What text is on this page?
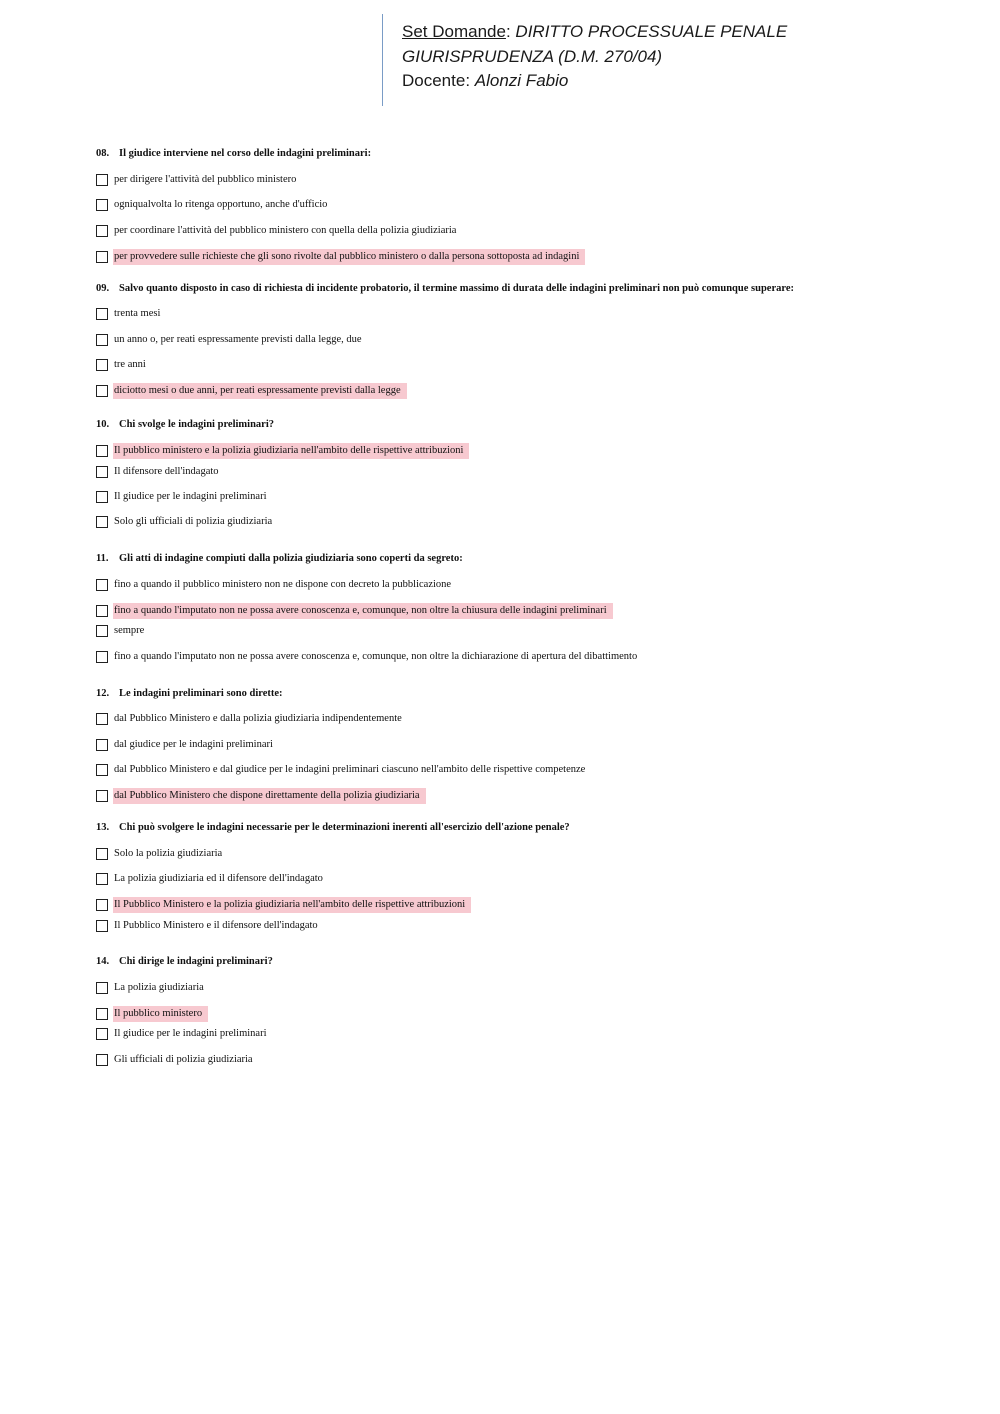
Set Domande: DIRITTO PROCESSUALE PENALE
GIURISPRUDENZA (D.M. 270/04)
Docente: Alonzi Fabio
08. Il giudice interviene nel corso delle indagini preliminari:
per dirigere l'attività del pubblico ministero
ogniqualvolta lo ritenga opportuno, anche d'ufficio
per coordinare l'attività del pubblico ministero con quella della polizia giudiziaria
per provvedere sulle richieste che gli sono rivolte dal pubblico ministero o dalla persona sottoposta ad indagini
09. Salvo quanto disposto in caso di richiesta di incidente probatorio, il termine massimo di durata delle indagini preliminari non può comunque superare:
trenta mesi
un anno o, per reati espressamente previsti dalla legge, due
tre anni
diciotto mesi o due anni, per reati espressamente previsti dalla legge
10. Chi svolge le indagini preliminari?
Il pubblico ministero e la polizia giudiziaria nell'ambito delle rispettive attribuzioni
Il difensore dell'indagato
Il giudice per le indagini preliminari
Solo gli ufficiali di polizia giudiziaria
11. Gli atti di indagine compiuti dalla polizia giudiziaria sono coperti da segreto:
fino a quando il pubblico ministero non ne dispone con decreto la pubblicazione
fino a quando l'imputato non ne possa avere conoscenza e, comunque, non oltre la chiusura delle indagini preliminari
sempre
fino a quando l'imputato non ne possa avere conoscenza e, comunque, non oltre la dichiarazione di apertura del dibattimento
12. Le indagini preliminari sono dirette:
dal Pubblico Ministero e dalla polizia giudiziaria indipendentemente
dal giudice per le indagini preliminari
dal Pubblico Ministero e dal giudice per le indagini preliminari ciascuno nell'ambito delle rispettive competenze
dal Pubblico Ministero che dispone direttamente della polizia giudiziaria
13. Chi può svolgere le indagini necessarie per le determinazioni inerenti all'esercizio dell'azione penale?
Solo la polizia giudiziaria
La polizia giudiziaria ed il difensore dell'indagato
Il Pubblico Ministero e la polizia giudiziaria nell'ambito delle rispettive attribuzioni
Il Pubblico Ministero e il difensore dell'indagato
14. Chi dirige le indagini preliminari?
La polizia giudiziaria
Il pubblico ministero
Il giudice per le indagini preliminari
Gli ufficiali di polizia giudiziaria
